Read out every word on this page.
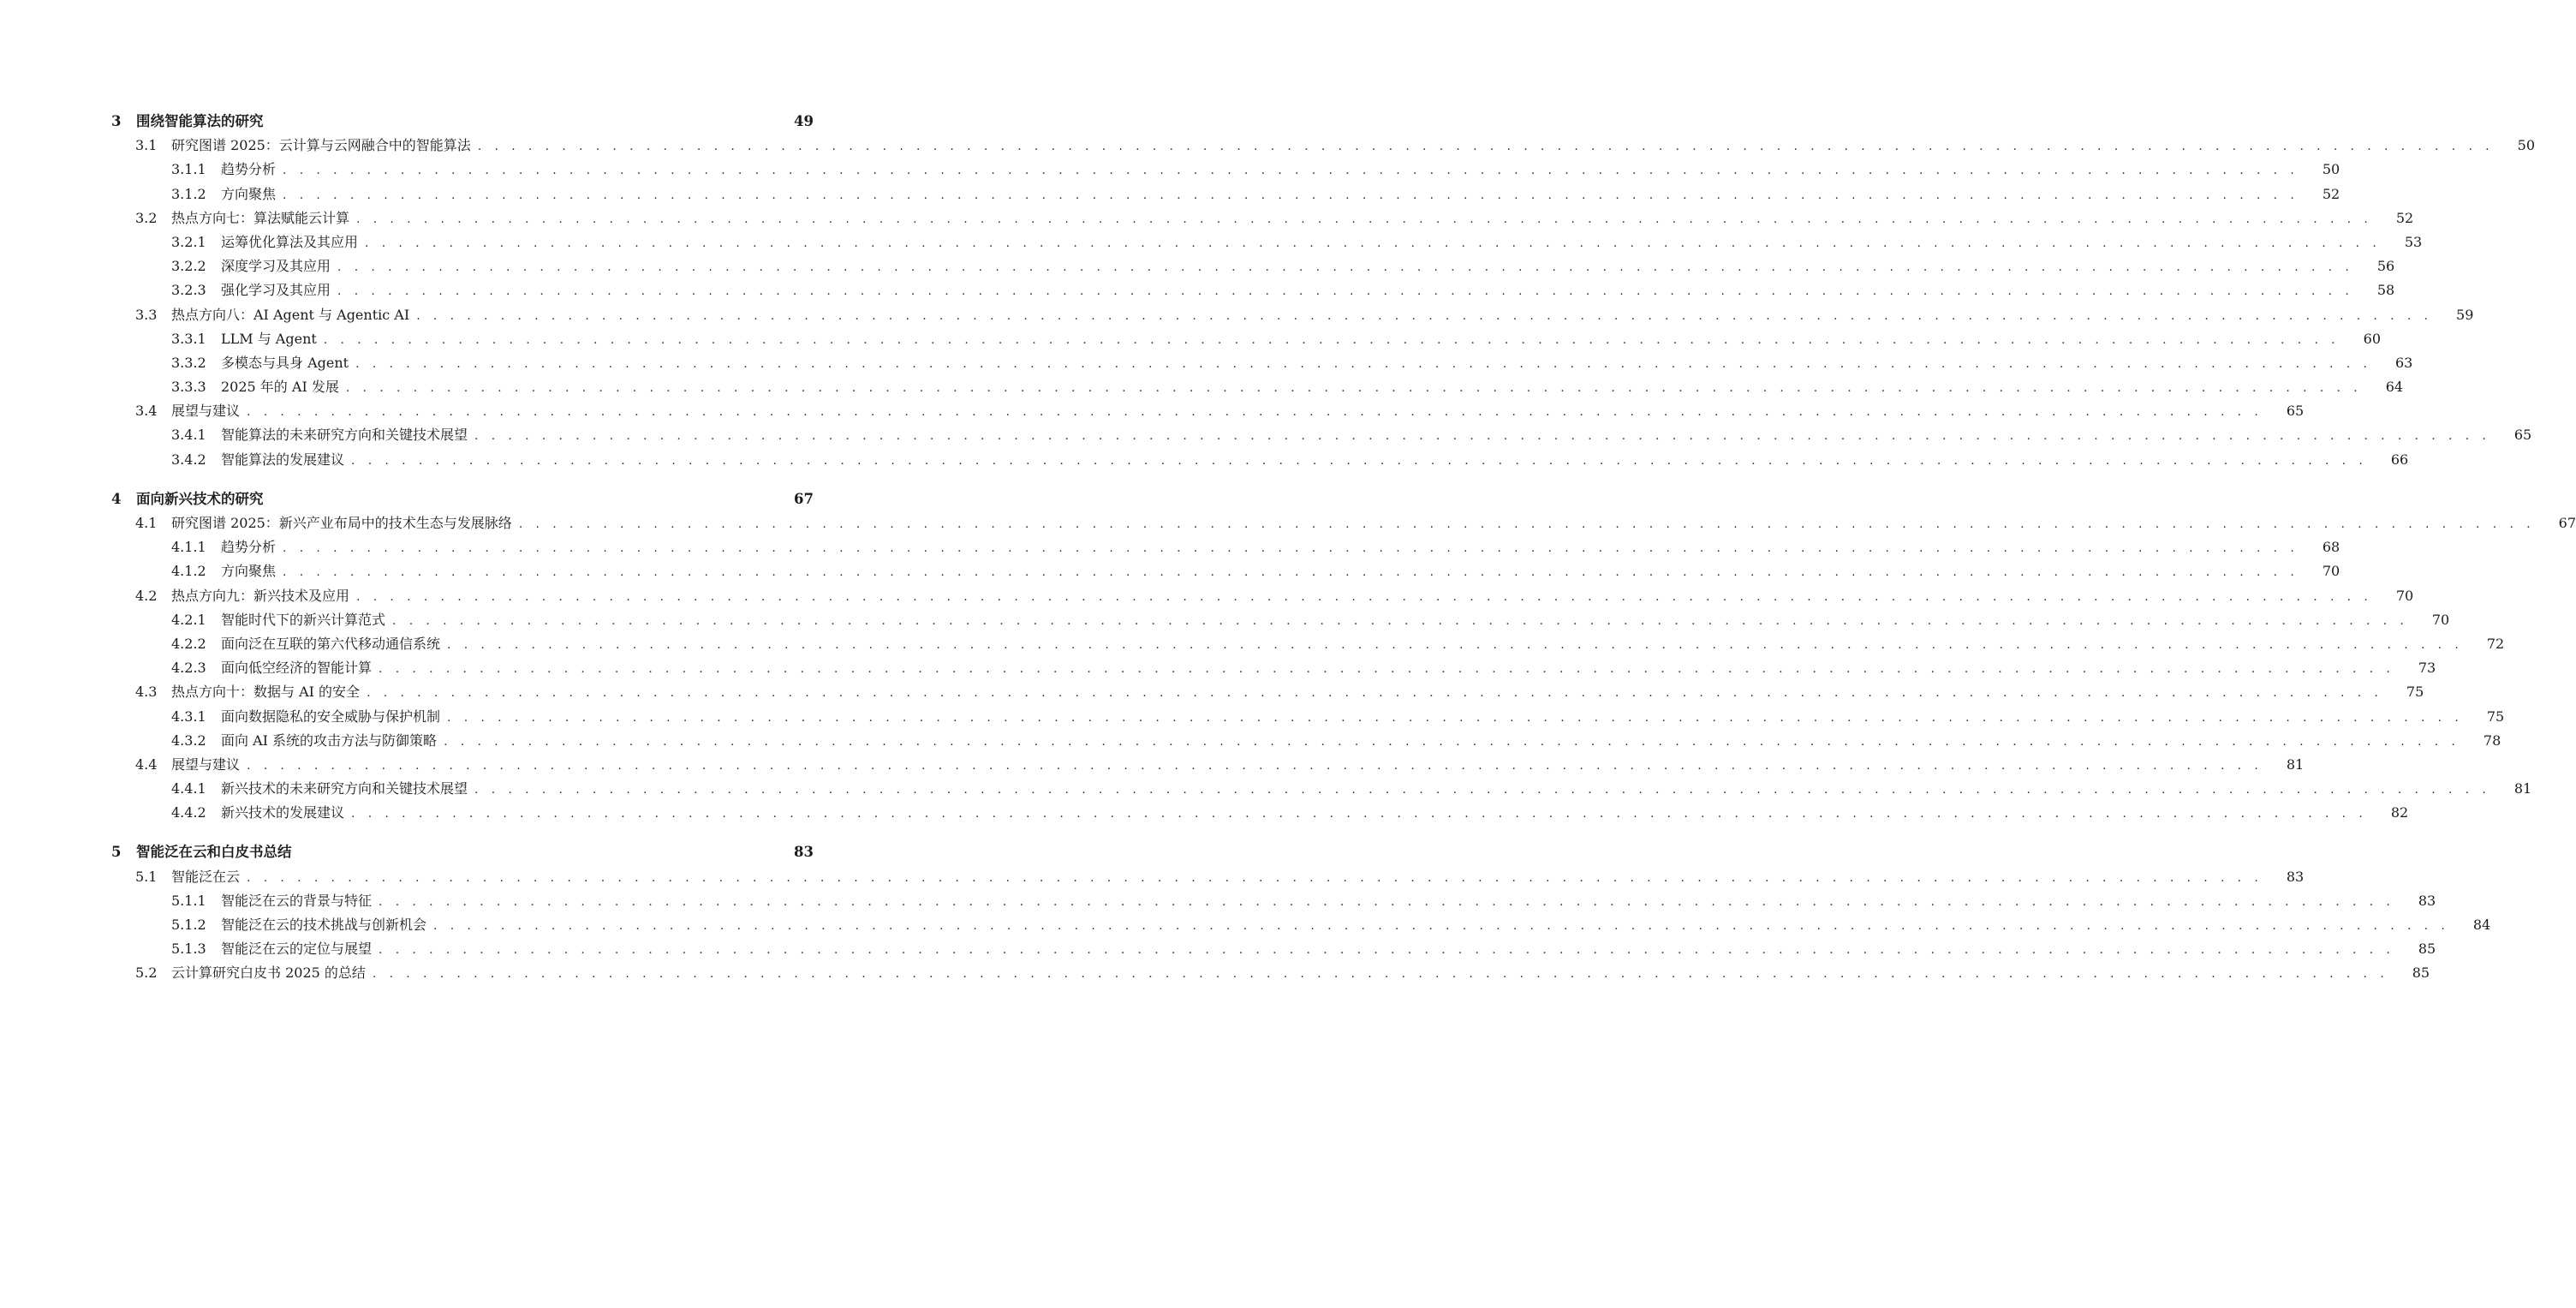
3	围绕智能算法的研究	49
3.1	研究图谱 2025：云计算与云网融合中的智能算法 . . . . . . . . . . . . . . . . . . . . . . . . . . . . . . . . . . . . . . . . . . . . . . . . . . . . . . . . . . . . . . . . . . . . . . . . . . . . . . . . . . . . . . . . . . . . . . . . . . . . . . . . . . . . . . . . . . . . . . . .	50
3.1.1	趋势分析 . . . . . . . . . . . . . . . . . . . . . . . . . . . . . . . . . . . . . . . . . . . . . . . . . . . . . . . . . . . . . . . . . . . . . . . . . . . . . . . . . . . . . . . . . . . . . . . . . . . . . . . . . . . . . . . . . . . . . . . .	50
3.1.2	方向聚焦 . . . . . . . . . . . . . . . . . . . . . . . . . . . . . . . . . . . . . . . . . . . . . . . . . . . . . . . . . . . . . . . . . . . . . . . . . . . . . . . . . . . . . . . . . . . . . . . . . . . . . . . . . . . . . . . . . . . . . . . .	52
3.2	热点方向七：算法赋能云计算 . . . . . . . . . . . . . . . . . . . . . . . . . . . . . . . . . . . . . . . . . . . . . . . . . . . . . . . . . . . . . . . . . . . . . . . . . . . . . . . . . . . . . . . . . . . . . . . . . . . . . . . . . . . . . . . . . . . . . . . .	52
3.2.1	运筹优化算法及其应用 . . . . . . . . . . . . . . . . . . . . . . . . . . . . . . . . . . . . . . . . . . . . . . . . . . . . . . . . . . . . . . . . . . . . . . . . . . . . . . . . . . . . . . . . . . . . . . . . . . . . . . . . . . . . . . . . . . . . . . . .	53
3.2.2	深度学习及其应用 . . . . . . . . . . . . . . . . . . . . . . . . . . . . . . . . . . . . . . . . . . . . . . . . . . . . . . . . . . . . . . . . . . . . . . . . . . . . . . . . . . . . . . . . . . . . . . . . . . . . . . . . . . . . . . . . . . . . . . . .	56
3.2.3	强化学习及其应用 . . . . . . . . . . . . . . . . . . . . . . . . . . . . . . . . . . . . . . . . . . . . . . . . . . . . . . . . . . . . . . . . . . . . . . . . . . . . . . . . . . . . . . . . . . . . . . . . . . . . . . . . . . . . . . . . . . . . . . . .	58
3.3	热点方向八：AI Agent 与 Agentic AI . . . . . . . . . . . . . . . . . . . . . . . . . . . . . . . . . . . . . . . . . . . . . . . . . . . . . . . . . . . . . . . . . . . . . . . . . . . . . . . . . . . . . . . . . . . . . . . . . . . . . . . . . . . . . . . . . . . . . . . .	59
3.3.1	LLM 与 Agent . . . . . . . . . . . . . . . . . . . . . . . . . . . . . . . . . . . . . . . . . . . . . . . . . . . . . . . . . . . . . . . . . . . . . . . . . . . . . . . . . . . . . . . . . . . . . . . . . . . . . . . . . . . . . . . . . . . . . . . .	60
3.3.2	多模态与具身 Agent . . . . . . . . . . . . . . . . . . . . . . . . . . . . . . . . . . . . . . . . . . . . . . . . . . . . . . . . . . . . . . . . . . . . . . . . . . . . . . . . . . . . . . . . . . . . . . . . . . . . . . . . . . . . . . . . . . . . . . . .	63
3.3.3	2025 年的 AI 发展 . . . . . . . . . . . . . . . . . . . . . . . . . . . . . . . . . . . . . . . . . . . . . . . . . . . . . . . . . . . . . . . . . . . . . . . . . . . . . . . . . . . . . . . . . . . . . . . . . . . . . . . . . . . . . . . . . . . . . . . .	64
3.4	展望与建议 . . . . . . . . . . . . . . . . . . . . . . . . . . . . . . . . . . . . . . . . . . . . . . . . . . . . . . . . . . . . . . . . . . . . . . . . . . . . . . . . . . . . . . . . . . . . . . . . . . . . . . . . . . . . . . . . . . . . . . . .	65
3.4.1	智能算法的未来研究方向和关键技术展望 . . . . . . . . . . . . . . . . . . . . . . . . . . . . . . . . . . . . . . . . . . . . . . . . . . . . . . . . . . . . . . . . . . . . . . . . . . . . . . . . . . . . . . . . . . . . . . . . . . . . . . . . . . . . . . . . . . . . . . . .	65
3.4.2	智能算法的发展建议 . . . . . . . . . . . . . . . . . . . . . . . . . . . . . . . . . . . . . . . . . . . . . . . . . . . . . . . . . . . . . . . . . . . . . . . . . . . . . . . . . . . . . . . . . . . . . . . . . . . . . . . . . . . . . . . . . . . . . . . .	66
4	面向新兴技术的研究	67
4.1	研究图谱 2025：新兴产业布局中的技术生态与发展脉络 . . . . . . . . . . . . . . . . . . . . . . . . . . . . . . . . . . . . . . . . . . . . . . . . . . . . . . . . . . . . . . . . . . . . . . . . . . . . . . . . . . . . . . . . . . . . . . . . . . . . . . . . . . . . . . . . . . . . . . . .	67
4.1.1	趋势分析 . . . . . . . . . . . . . . . . . . . . . . . . . . . . . . . . . . . . . . . . . . . . . . . . . . . . . . . . . . . . . . . . . . . . . . . . . . . . . . . . . . . . . . . . . . . . . . . . . . . . . . . . . . . . . . . . . . . . . . . .	68
4.1.2	方向聚焦 . . . . . . . . . . . . . . . . . . . . . . . . . . . . . . . . . . . . . . . . . . . . . . . . . . . . . . . . . . . . . . . . . . . . . . . . . . . . . . . . . . . . . . . . . . . . . . . . . . . . . . . . . . . . . . . . . . . . . . . .	70
4.2	热点方向九：新兴技术及应用 . . . . . . . . . . . . . . . . . . . . . . . . . . . . . . . . . . . . . . . . . . . . . . . . . . . . . . . . . . . . . . . . . . . . . . . . . . . . . . . . . . . . . . . . . . . . . . . . . . . . . . . . . . . . . . . . . . . . . . . .	70
4.2.1	智能时代下的新兴计算范式 . . . . . . . . . . . . . . . . . . . . . . . . . . . . . . . . . . . . . . . . . . . . . . . . . . . . . . . . . . . . . . . . . . . . . . . . . . . . . . . . . . . . . . . . . . . . . . . . . . . . . . . . . . . . . . . . . . . . . . . .	70
4.2.2	面向泛在互联的第六代移动通信系统 . . . . . . . . . . . . . . . . . . . . . . . . . . . . . . . . . . . . . . . . . . . . . . . . . . . . . . . . . . . . . . . . . . . . . . . . . . . . . . . . . . . . . . . . . . . . . . . . . . . . . . . . . . . . . . . . . . . . . . . .	72
4.2.3	面向低空经济的智能计算 . . . . . . . . . . . . . . . . . . . . . . . . . . . . . . . . . . . . . . . . . . . . . . . . . . . . . . . . . . . . . . . . . . . . . . . . . . . . . . . . . . . . . . . . . . . . . . . . . . . . . . . . . . . . . . . . . . . . . . . .	73
4.3	热点方向十：数据与 AI 的安全 . . . . . . . . . . . . . . . . . . . . . . . . . . . . . . . . . . . . . . . . . . . . . . . . . . . . . . . . . . . . . . . . . . . . . . . . . . . . . . . . . . . . . . . . . . . . . . . . . . . . . . . . . . . . . . . . . . . . . . . .	75
4.3.1	面向数据隐私的安全威胁与保护机制 . . . . . . . . . . . . . . . . . . . . . . . . . . . . . . . . . . . . . . . . . . . . . . . . . . . . . . . . . . . . . . . . . . . . . . . . . . . . . . . . . . . . . . . . . . . . . . . . . . . . . . . . . . . . . . . . . . . . . . . .	75
4.3.2	面向 AI 系统的攻击方法与防御策略 . . . . . . . . . . . . . . . . . . . . . . . . . . . . . . . . . . . . . . . . . . . . . . . . . . . . . . . . . . . . . . . . . . . . . . . . . . . . . . . . . . . . . . . . . . . . . . . . . . . . . . . . . . . . . . . . . . . . . . . .	78
4.4	展望与建议 . . . . . . . . . . . . . . . . . . . . . . . . . . . . . . . . . . . . . . . . . . . . . . . . . . . . . . . . . . . . . . . . . . . . . . . . . . . . . . . . . . . . . . . . . . . . . . . . . . . . . . . . . . . . . . . . . . . . . . . .	81
4.4.1	新兴技术的未来研究方向和关键技术展望 . . . . . . . . . . . . . . . . . . . . . . . . . . . . . . . . . . . . . . . . . . . . . . . . . . . . . . . . . . . . . . . . . . . . . . . . . . . . . . . . . . . . . . . . . . . . . . . . . . . . . . . . . . . . . . . . . . . . . . . .	81
4.4.2	新兴技术的发展建议 . . . . . . . . . . . . . . . . . . . . . . . . . . . . . . . . . . . . . . . . . . . . . . . . . . . . . . . . . . . . . . . . . . . . . . . . . . . . . . . . . . . . . . . . . . . . . . . . . . . . . . . . . . . . . . . . . . . . . . . .	82
5	智能泛在云和白皮书总结	83
5.1	智能泛在云 . . . . . . . . . . . . . . . . . . . . . . . . . . . . . . . . . . . . . . . . . . . . . . . . . . . . . . . . . . . . . . . . . . . . . . . . . . . . . . . . . . . . . . . . . . . . . . . . . . . . . . . . . . . . . . . . . . . . . . . .	83
5.1.1	智能泛在云的背景与特征 . . . . . . . . . . . . . . . . . . . . . . . . . . . . . . . . . . . . . . . . . . . . . . . . . . . . . . . . . . . . . . . . . . . . . . . . . . . . . . . . . . . . . . . . . . . . . . . . . . . . . . . . . . . . . . . . . . . . . . . .	83
5.1.2	智能泛在云的技术挑战与创新机会 . . . . . . . . . . . . . . . . . . . . . . . . . . . . . . . . . . . . . . . . . . . . . . . . . . . . . . . . . . . . . . . . . . . . . . . . . . . . . . . . . . . . . . . . . . . . . . . . . . . . . . . . . . . . . . . . . . . . . . . .	84
5.1.3	智能泛在云的定位与展望 . . . . . . . . . . . . . . . . . . . . . . . . . . . . . . . . . . . . . . . . . . . . . . . . . . . . . . . . . . . . . . . . . . . . . . . . . . . . . . . . . . . . . . . . . . . . . . . . . . . . . . . . . . . . . . . . . . . . . . . .	85
5.2	云计算研究白皮书 2025 的总结 . . . . . . . . . . . . . . . . . . . . . . . . . . . . . . . . . . . . . . . . . . . . . . . . . . . . . . . . . . . . . . . . . . . . . . . . . . . . . . . . . . . . . . . . . . . . . . . . . . . . . . . . . . . . . . . . . . . . . . . .	85
